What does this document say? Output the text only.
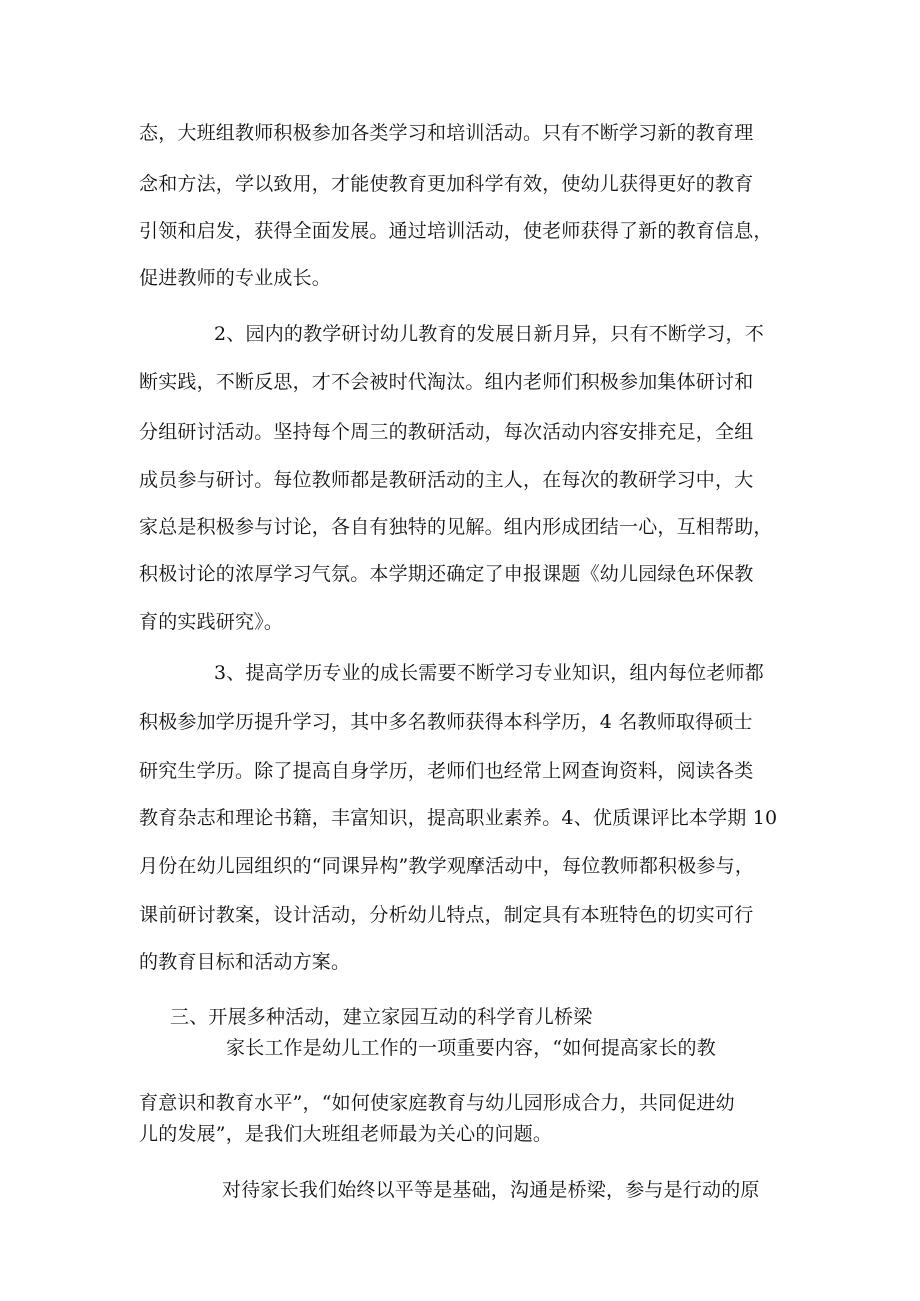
态，大班组教师积极参加各类学习和培训活动。只有不断学习新的教育理
念和方法，学以致用，才能使教育更加科学有效，使幼儿获得更好的教育
引领和启发，获得全面发展。通过培训活动，使老师获得了新的教育信息，
促进教师的专业成长。
2、园内的教学研讨幼儿教育的发展日新月异，只有不断学习，不
断实践，不断反思，才不会被时代淘汰。组内老师们积极参加集体研讨和
分组研讨活动。坚持每个周三的教研活动，每次活动内容安排充足，全组
成员参与研讨。每位教师都是教研活动的主人，在每次的教研学习中，大
家总是积极参与讨论，各自有独特的见解。组内形成团结一心，互相帮助，
积极讨论的浓厚学习气氛。本学期还确定了申报课题《幼儿园绿色环保教
育的实践研究》。
3、提高学历专业的成长需要不断学习专业知识，组内每位老师都
积极参加学历提升学习，其中多名教师获得本科学历，4 名教师取得硕士
研究生学历。除了提高自身学历，老师们也经常上网查询资料，阅读各类
教育杂志和理论书籍，丰富知识，提高职业素养。4、优质课评比本学期 10
月份在幼儿园组织的“同课异构”教学观摩活动中，每位教师都积极参与，
课前研讨教案，设计活动，分析幼儿特点，制定具有本班特色的切实可行
的教育目标和活动方案。
三、开展多种活动，建立家园互动的科学育儿桥梁
家长工作是幼儿工作的一项重要内容，“如何提高家长的教
育意识和教育水平”，“如何使家庭教育与幼儿园形成合力，共同促进幼
儿的发展”，是我们大班组老师最为关心的问题。
对待家长我们始终以平等是基础，沟通是桥梁，参与是行动的原
